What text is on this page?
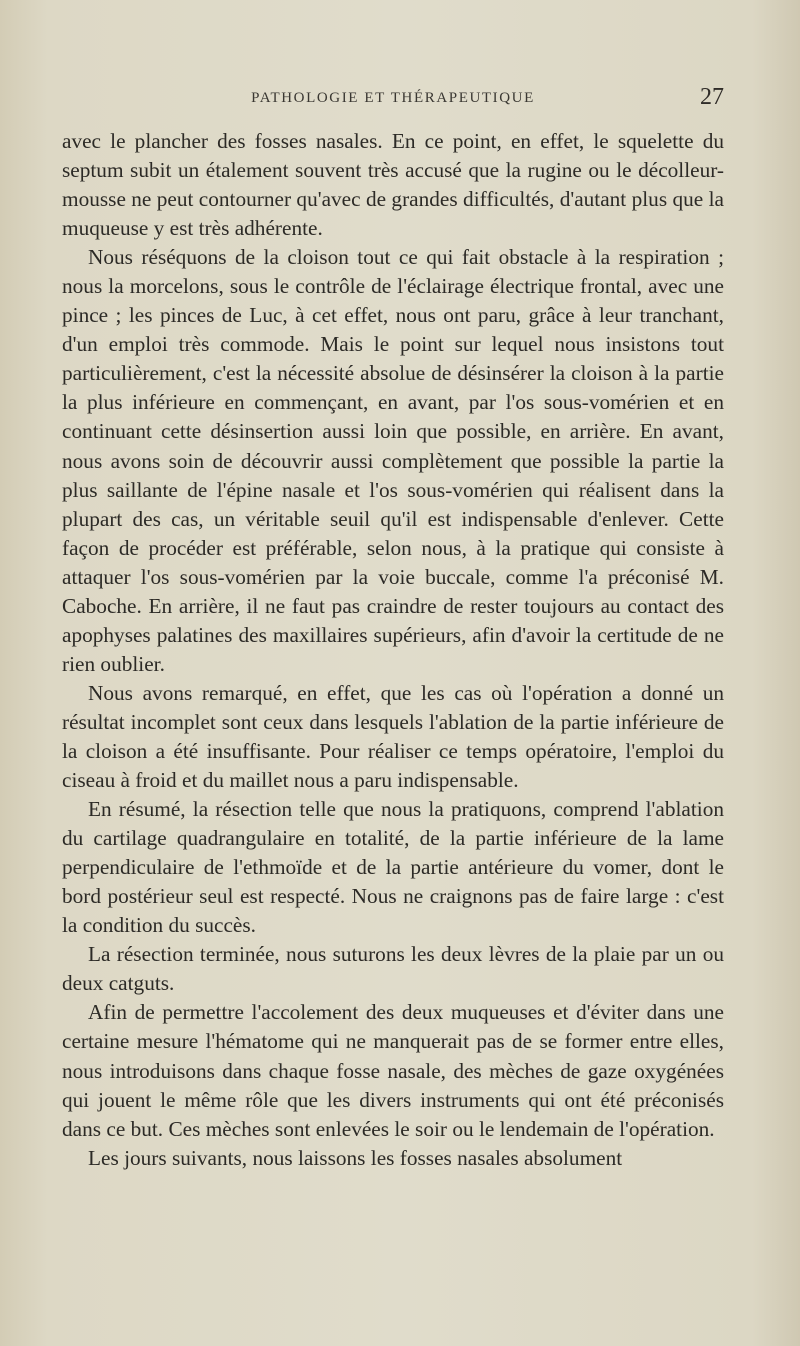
PATHOLOGIE ET THÉRAPEUTIQUE	27

avec le plancher des fosses nasales. En ce point, en effet, le squelette du septum subit un étalement souvent très accusé que la rugine ou le décolleur-mousse ne peut contourner qu'avec de grandes difficultés, d'autant plus que la muqueuse y est très adhérente.

Nous réséquons de la cloison tout ce qui fait obstacle à la respiration ; nous la morcelons, sous le contrôle de l'éclairage électrique frontal, avec une pince ; les pinces de Luc, à cet effet, nous ont paru, grâce à leur tranchant, d'un emploi très commode. Mais le point sur lequel nous insistons tout particulièrement, c'est la nécessité absolue de désinsérer la cloison à la partie la plus inférieure en commençant, en avant, par l'os sous-vomérien et en continuant cette désinsertion aussi loin que possible, en arrière. En avant, nous avons soin de découvrir aussi complètement que possible la partie la plus saillante de l'épine nasale et l'os sous-vomérien qui réalisent dans la plupart des cas, un véritable seuil qu'il est indispensable d'enlever. Cette façon de procéder est préférable, selon nous, à la pratique qui consiste à attaquer l'os sous-vomérien par la voie buccale, comme l'a préconisé M. Caboche. En arrière, il ne faut pas craindre de rester toujours au contact des apophyses palatines des maxillaires supérieurs, afin d'avoir la certitude de ne rien oublier.

Nous avons remarqué, en effet, que les cas où l'opération a donné un résultat incomplet sont ceux dans lesquels l'ablation de la partie inférieure de la cloison a été insuffisante. Pour réaliser ce temps opératoire, l'emploi du ciseau à froid et du maillet nous a paru indispensable.

En résumé, la résection telle que nous la pratiquons, comprend l'ablation du cartilage quadrangulaire en totalité, de la partie inférieure de la lame perpendiculaire de l'ethmoïde et de la partie antérieure du vomer, dont le bord postérieur seul est respecté. Nous ne craignons pas de faire large : c'est la condition du succès.

La résection terminée, nous suturons les deux lèvres de la plaie par un ou deux catguts.

Afin de permettre l'accolement des deux muqueuses et d'éviter dans une certaine mesure l'hématome qui ne manquerait pas de se former entre elles, nous introduisons dans chaque fosse nasale, des mèches de gaze oxygénées qui jouent le même rôle que les divers instruments qui ont été préconisés dans ce but. Ces mèches sont enlevées le soir ou le lendemain de l'opération.

Les jours suivants, nous laissons les fosses nasales absolument
